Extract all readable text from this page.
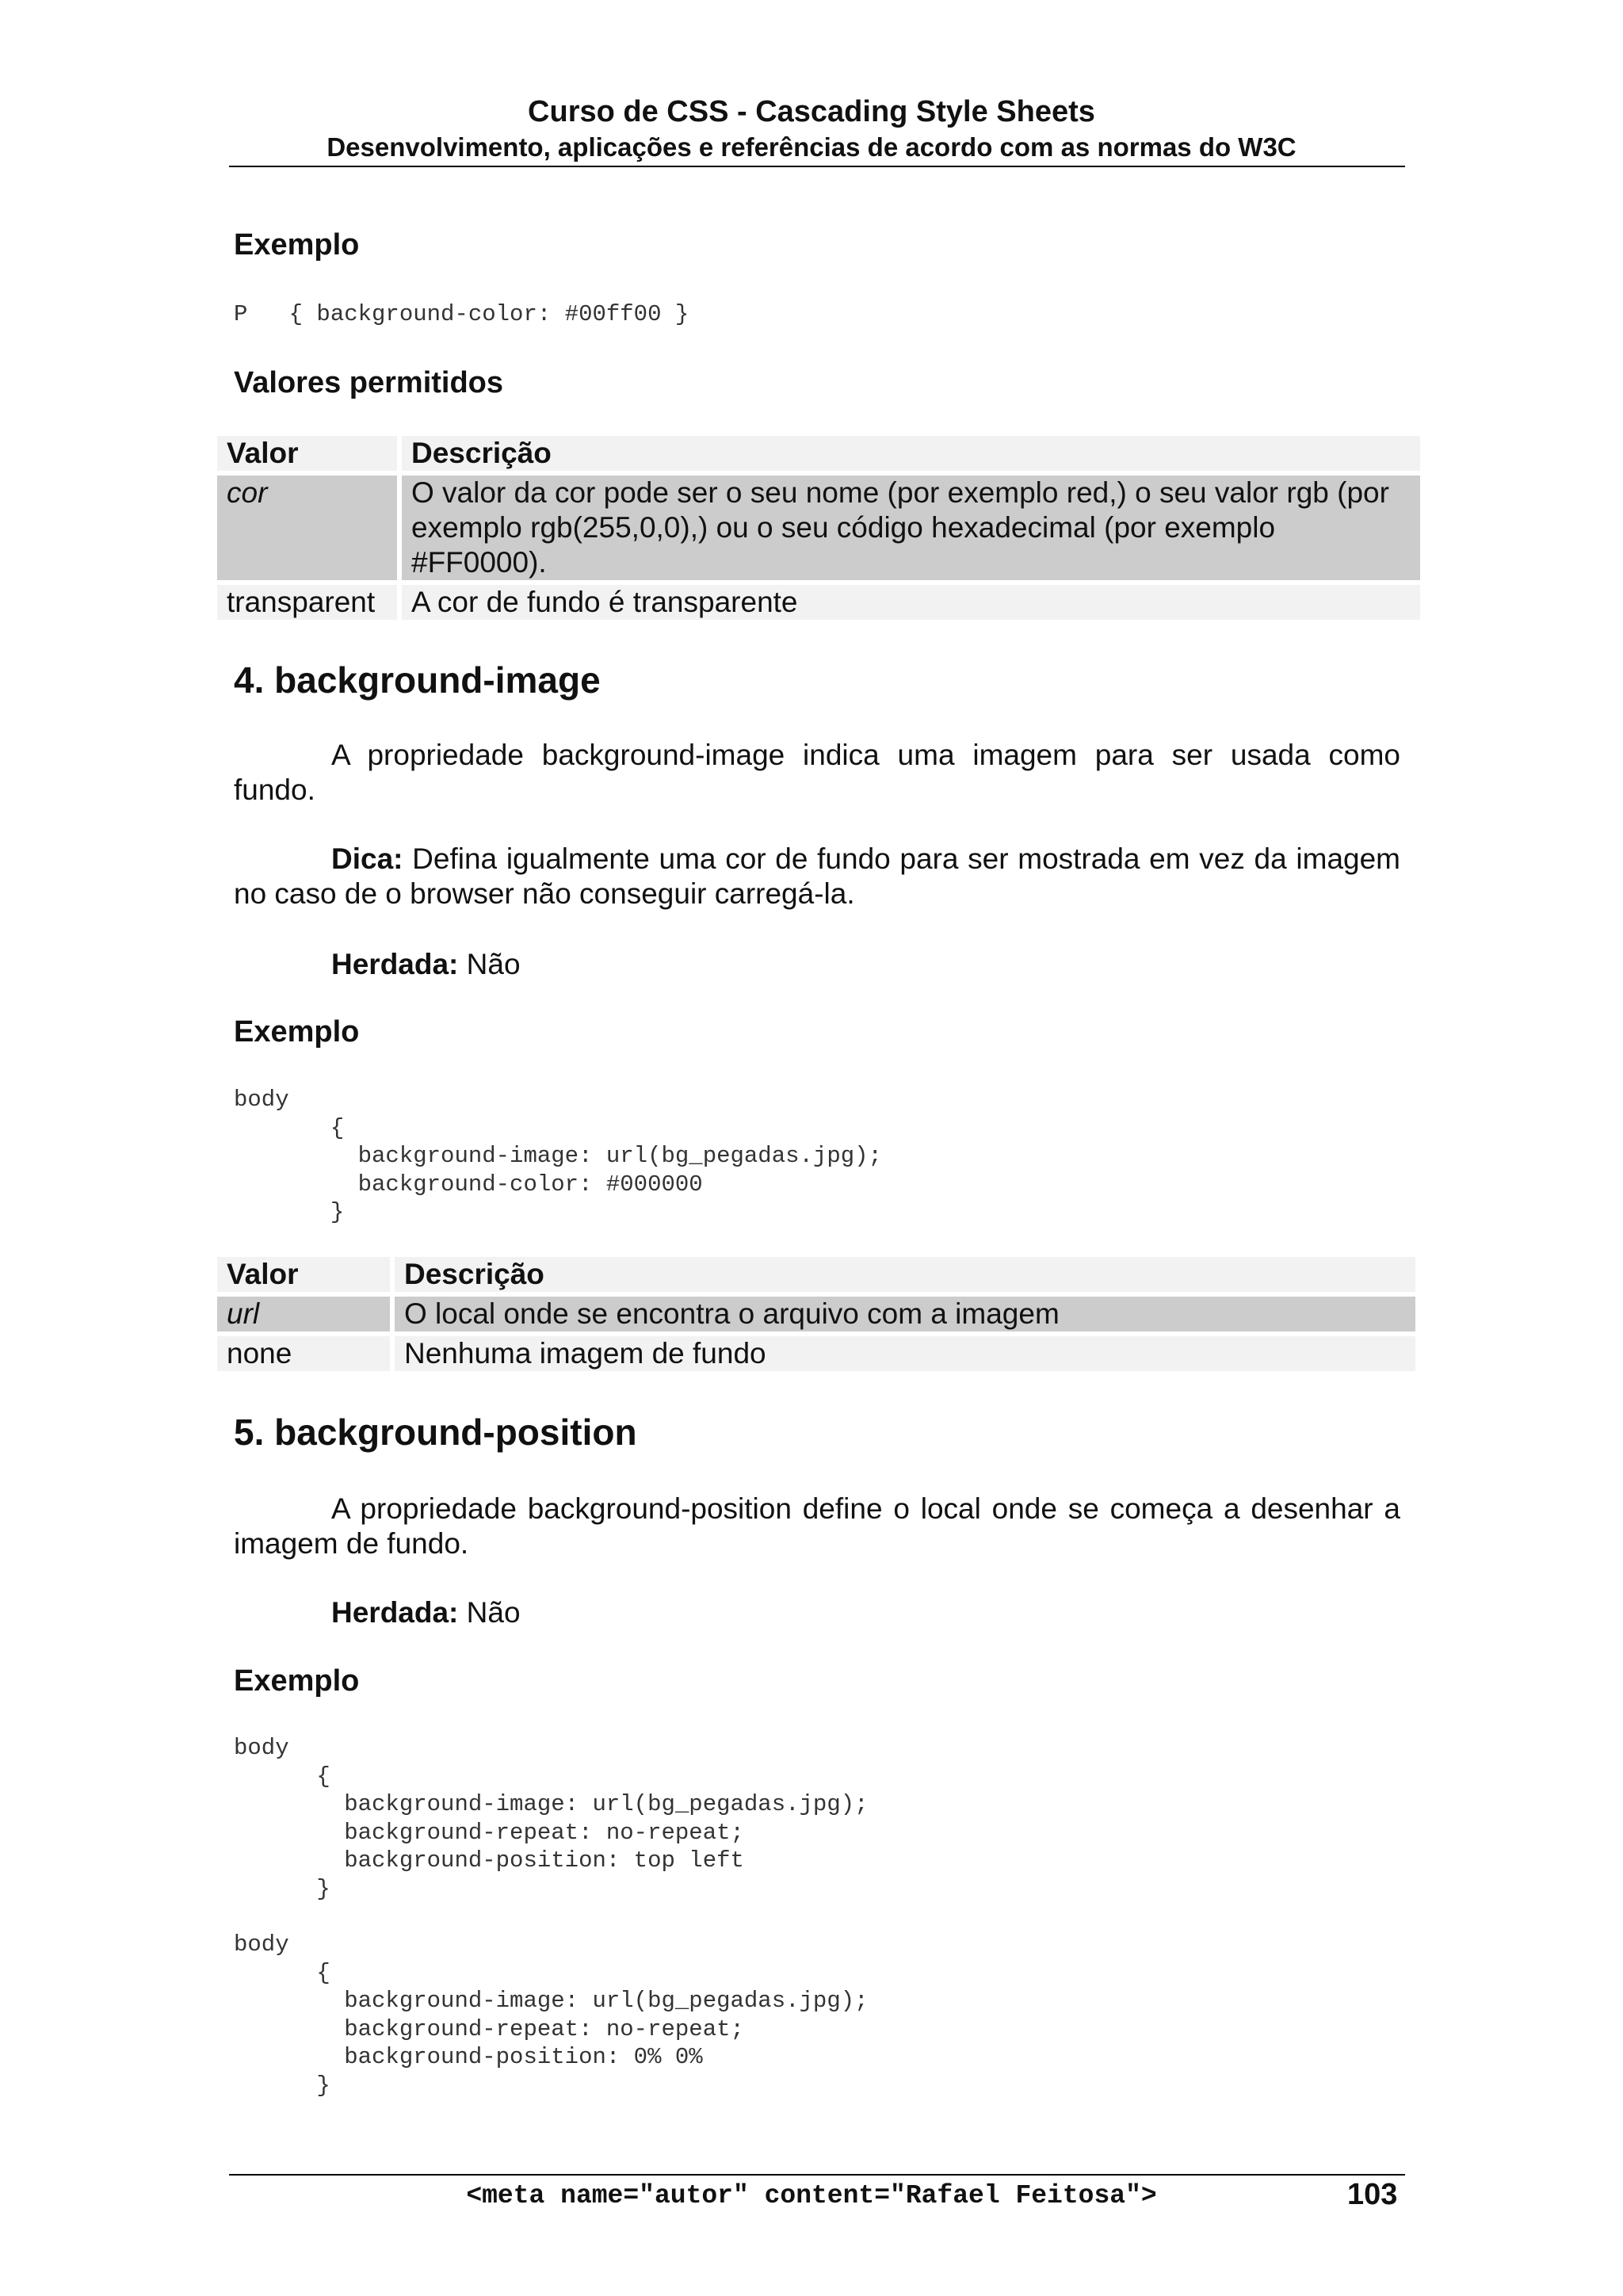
Curso de CSS - Cascading Style Sheets
Desenvolvimento, aplicações e referências de acordo com as normas do W3C
Exemplo
P   { background-color: #00ff00 }
Valores permitidos
Valor	Descrição
cor	O valor da cor pode ser o seu nome (por exemplo red,) o seu valor rgb (por exemplo rgb(255,0,0),) ou o seu código hexadecimal (por exemplo #FF0000).
transparent	A cor de fundo é transparente
4. background-image

A propriedade background-image indica uma imagem para ser usada como fundo.

Dica: Defina igualmente uma cor de fundo para ser mostrada em vez da imagem no caso de o browser não conseguir carregá-la.

Herdada: Não
Exemplo
body
{
background-image: url(bg_pegadas.jpg);
background-color: #000000
}
Valor	Descrição
url	O local onde se encontra o arquivo com a imagem
none	Nenhuma imagem de fundo
5. background-position

A propriedade background-position define o local onde se começa a desenhar a imagem de fundo.

Herdada: Não
Exemplo
body
{
background-image: url(bg_pegadas.jpg);
background-repeat: no-repeat;
background-position: top left
}
body
{
background-image: url(bg_pegadas.jpg);
background-repeat: no-repeat;
background-position: 0% 0%
}
<meta name="autor" content="Rafael Feitosa">	103
